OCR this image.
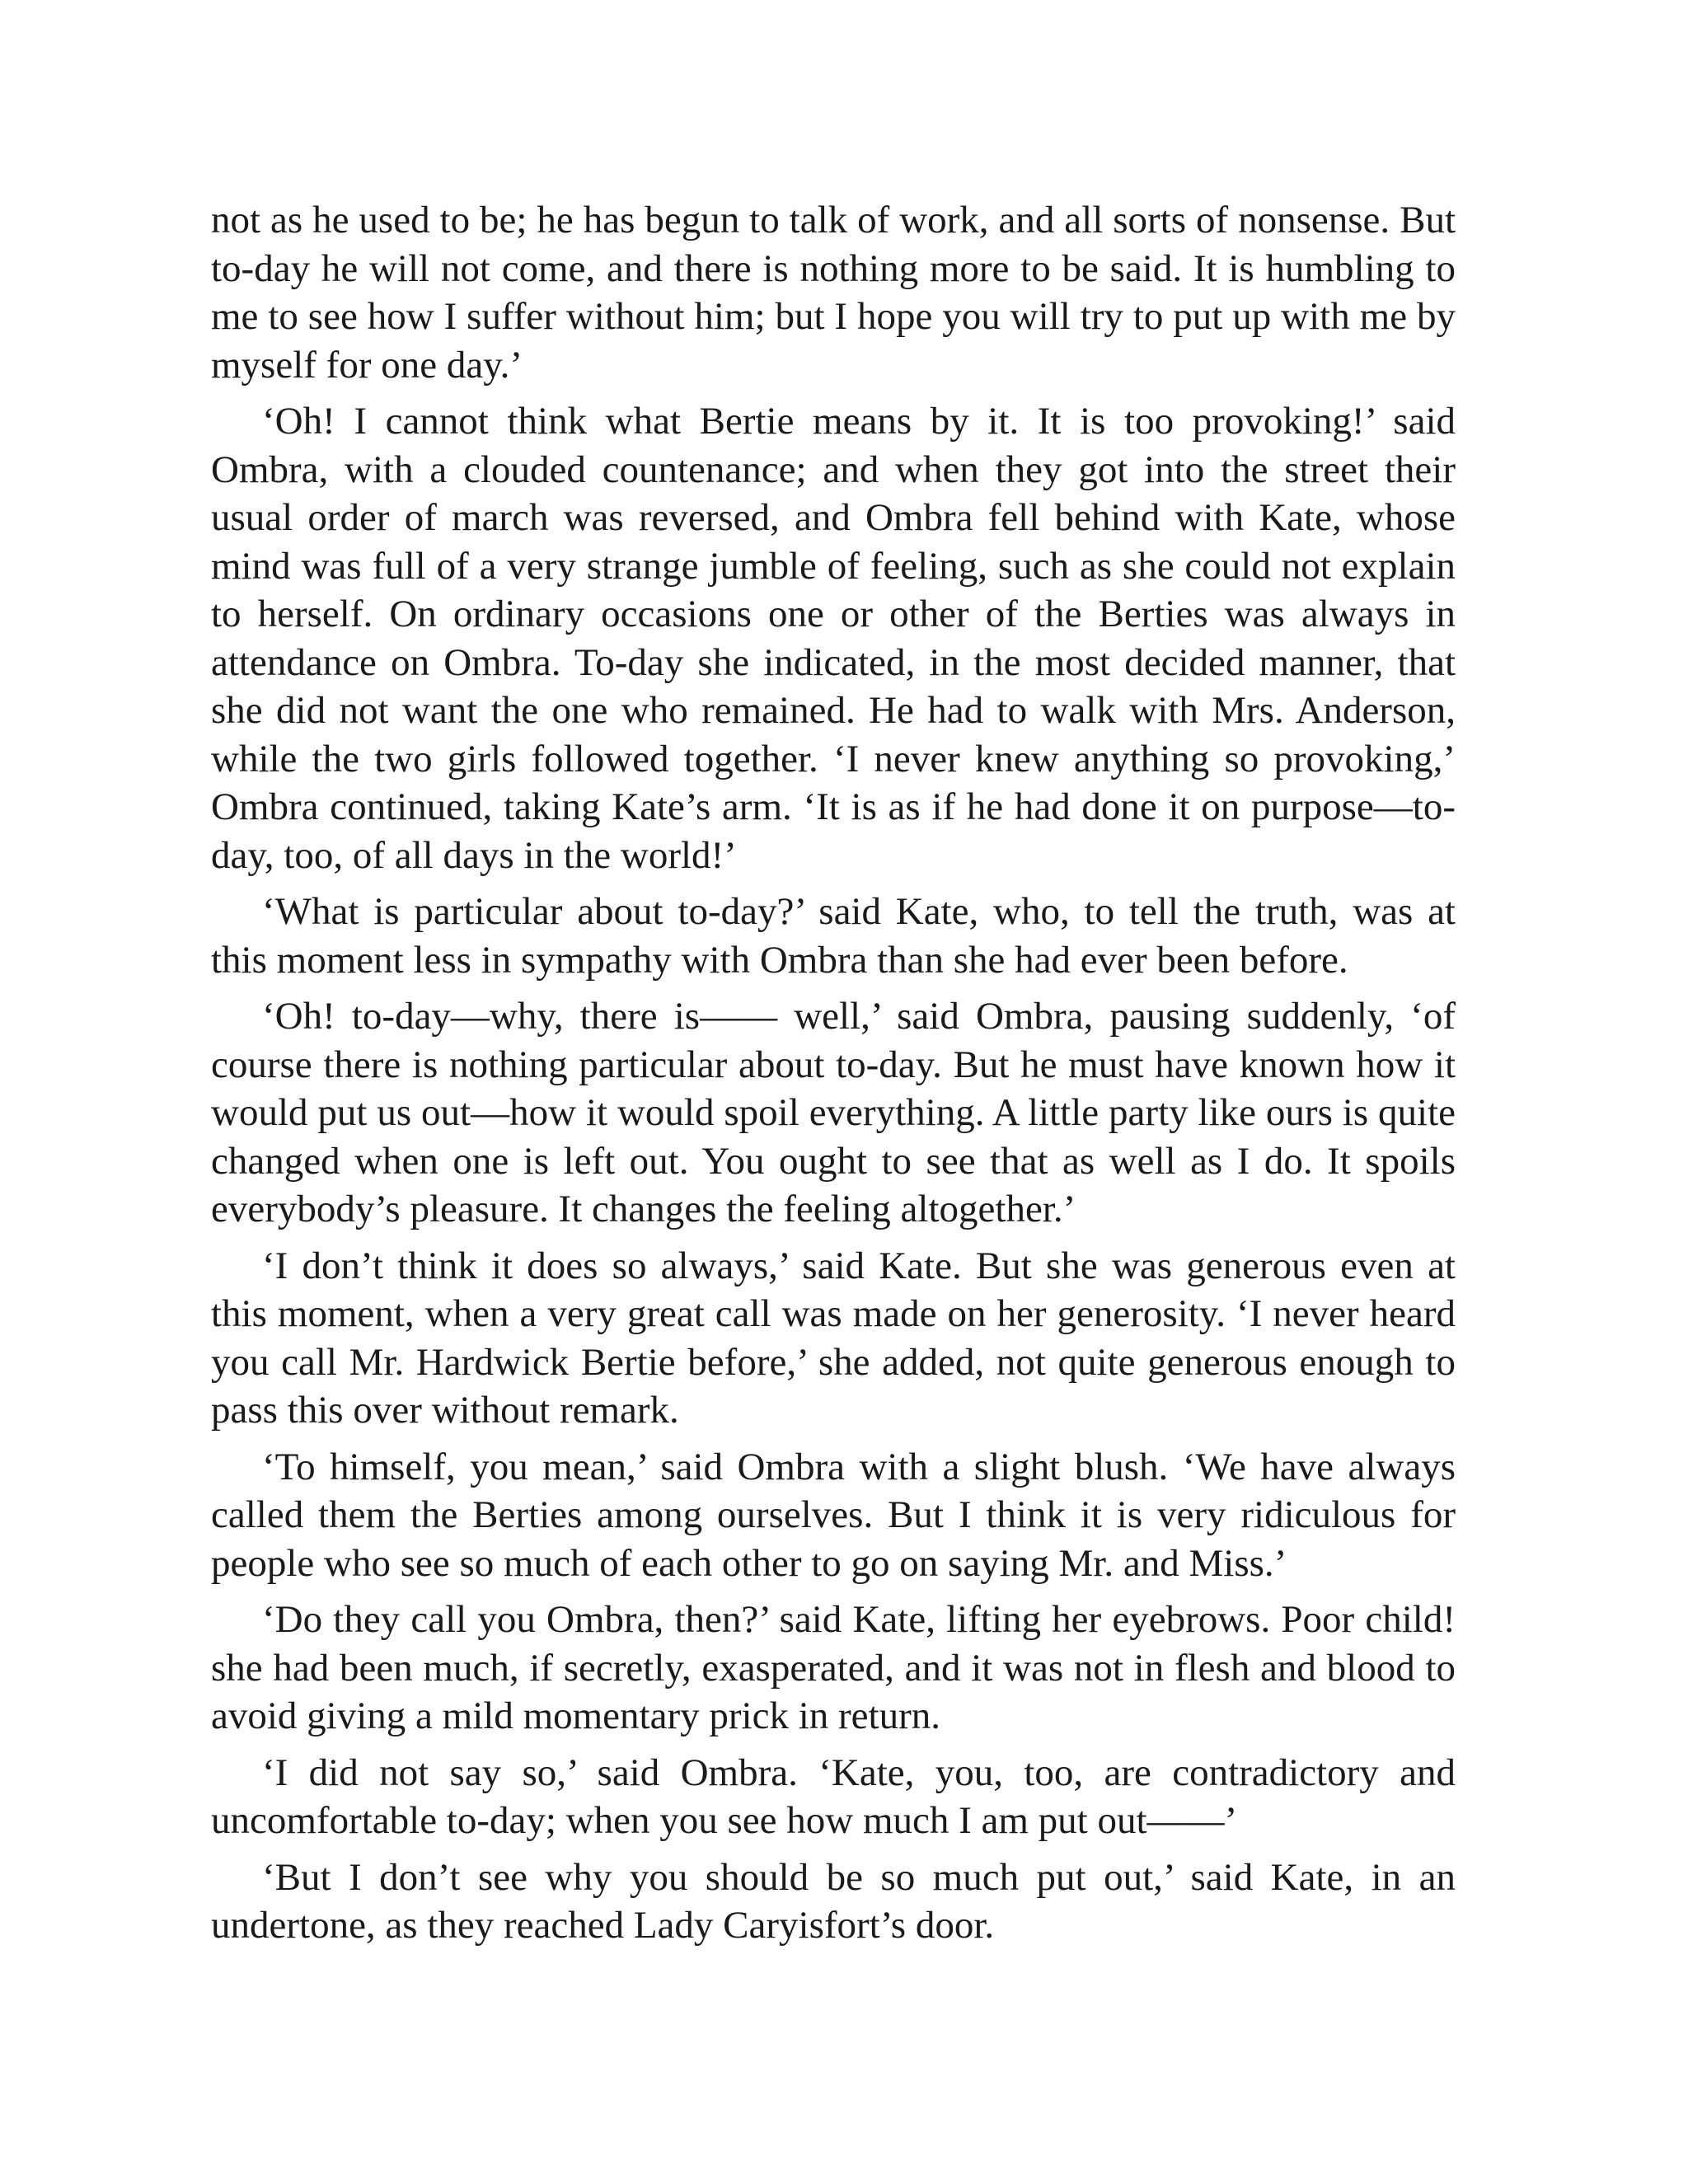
not as he used to be; he has begun to talk of work, and all sorts of nonsense. But to-day he will not come, and there is nothing more to be said. It is humbling to me to see how I suffer without him; but I hope you will try to put up with me by myself for one day.’

‘Oh! I cannot think what Bertie means by it. It is too provoking!’ said Ombra, with a clouded countenance; and when they got into the street their usual order of march was reversed, and Ombra fell behind with Kate, whose mind was full of a very strange jumble of feeling, such as she could not explain to herself. On ordinary occasions one or other of the Berties was always in attendance on Ombra. To-day she indicated, in the most decided manner, that she did not want the one who remained. He had to walk with Mrs. Anderson, while the two girls followed together. ‘I never knew anything so provoking,’ Ombra continued, taking Kate’s arm. ‘It is as if he had done it on purpose—to-day, too, of all days in the world!’

‘What is particular about to-day?’ said Kate, who, to tell the truth, was at this moment less in sympathy with Ombra than she had ever been before.

‘Oh! to-day—why, there is—— well,’ said Ombra, pausing suddenly, ‘of course there is nothing particular about to-day. But he must have known how it would put us out—how it would spoil everything. A little party like ours is quite changed when one is left out. You ought to see that as well as I do. It spoils everybody’s pleasure. It changes the feeling altogether.’

‘I don’t think it does so always,’ said Kate. But she was generous even at this moment, when a very great call was made on her generosity. ‘I never heard you call Mr. Hardwick Bertie before,’ she added, not quite generous enough to pass this over without remark.

‘To himself, you mean,’ said Ombra with a slight blush. ‘We have always called them the Berties among ourselves. But I think it is very ridiculous for people who see so much of each other to go on saying Mr. and Miss.’

‘Do they call you Ombra, then?’ said Kate, lifting her eyebrows. Poor child! she had been much, if secretly, exasperated, and it was not in flesh and blood to avoid giving a mild momentary prick in return.

‘I did not say so,’ said Ombra. ‘Kate, you, too, are contradictory and uncomfortable to-day; when you see how much I am put out——’

‘But I don’t see why you should be so much put out,’ said Kate, in an undertone, as they reached Lady Caryisfort’s door.
